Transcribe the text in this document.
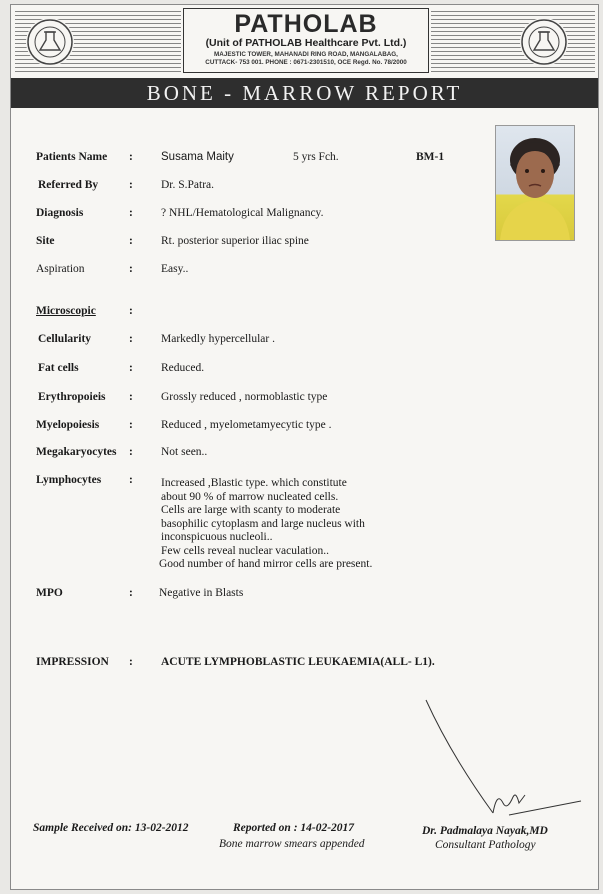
PATHOLAB
(Unit of PATHOLAB Healthcare Pvt. Ltd.)
MAJESTIC TOWER, MAHANADI RING ROAD, MANGALABAG,
CUTTACK- 753 001. PHONE : 0671-2301510, OCE Regd. No. 78/2000
BONE - MARROW REPORT
Patients Name : Susama Maity	5 yrs Fch.	BM-1
Referred By	: Dr. S.Patra.
Diagnosis	: ? NHL/Hematological Malignancy.
Site	: Rt. posterior superior iliac spine
Aspiration	: Easy..
Microscopic	:
Cellularity	: Markedly hypercellular .
Fat cells	: Reduced.
Erythropoieis : Grossly reduced , normoblastic type
Myelopoiesis	: Reduced , myelometamyecytic type .
Megakaryocytes : Not seen..
Lymphocytes : Increased ,Blastic type. which constitute
about 90 % of marrow nucleated cells.
Cells are large with scanty to moderate
basophilic cytoplasm and large nucleus with
inconspicuous nucleoli..
Few cells reveal nuclear vaculation..
Good number of hand mirror cells are present.
MPO	: Negative in Blasts
IMPRESSION : ACUTE LYMPHOBLASTIC LEUKAEMIA(ALL- L1).
Sample Received on: 13-02-2012	Reported on : 14-02-2017
Bone marrow smears appended
Dr. Padmalaya Nayak,MD
Consultant Pathology
